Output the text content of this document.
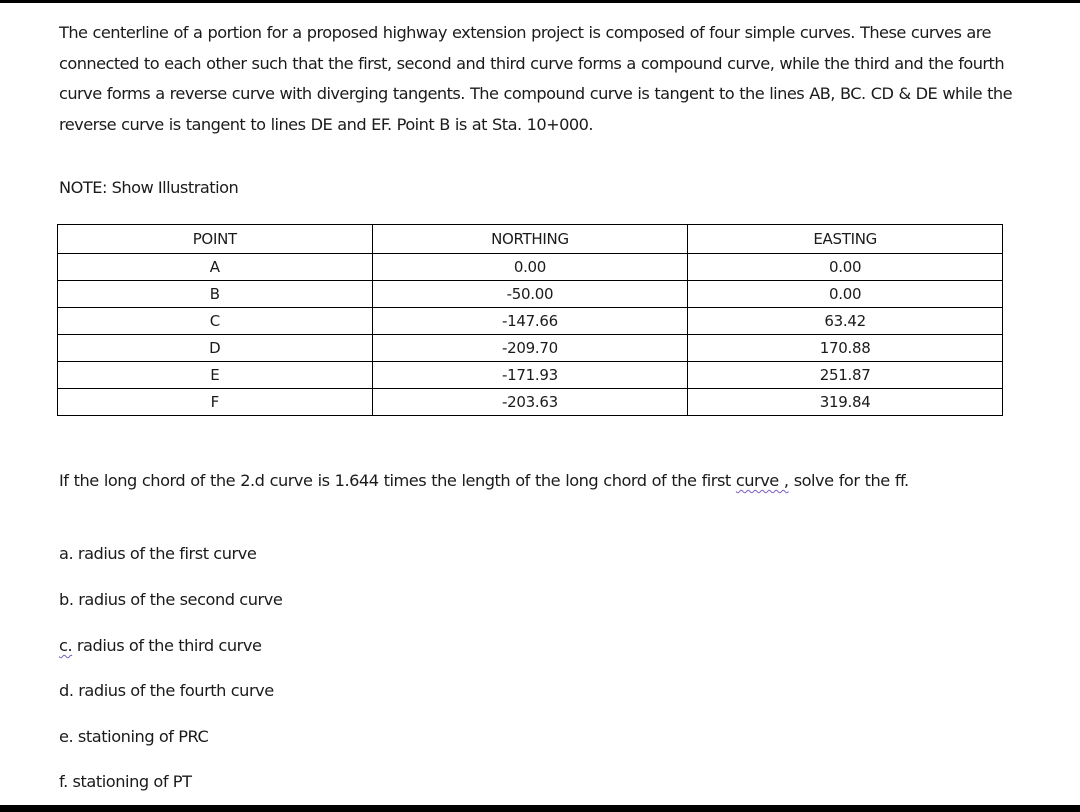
The centerline of a portion for a proposed highway extension project is composed of four simple curves. These curves are connected to each other such that the first, second and third curve forms a compound curve, while the third and the fourth curve forms a reverse curve with diverging tangents. The compound curve is tangent to the lines AB, BC. CD & DE while the reverse curve is tangent to lines DE and EF. Point B is at Sta. 10+000.
NOTE: Show Illustration
POINT	NORTHING	EASTING
A	0.00	0.00
B	-50.00	0.00
C	-147.66	63.42
D	-209.70	170.88
E	-171.93	251.87
F	-203.63	319.84
If the long chord of the 2.d curve is 1.644 times the length of the long chord of the first curve , solve for the ff.
a. radius of the first curve
b. radius of the second curve
c. radius of the third curve
d. radius of the fourth curve
e. stationing of PRC
f. stationing of PT
